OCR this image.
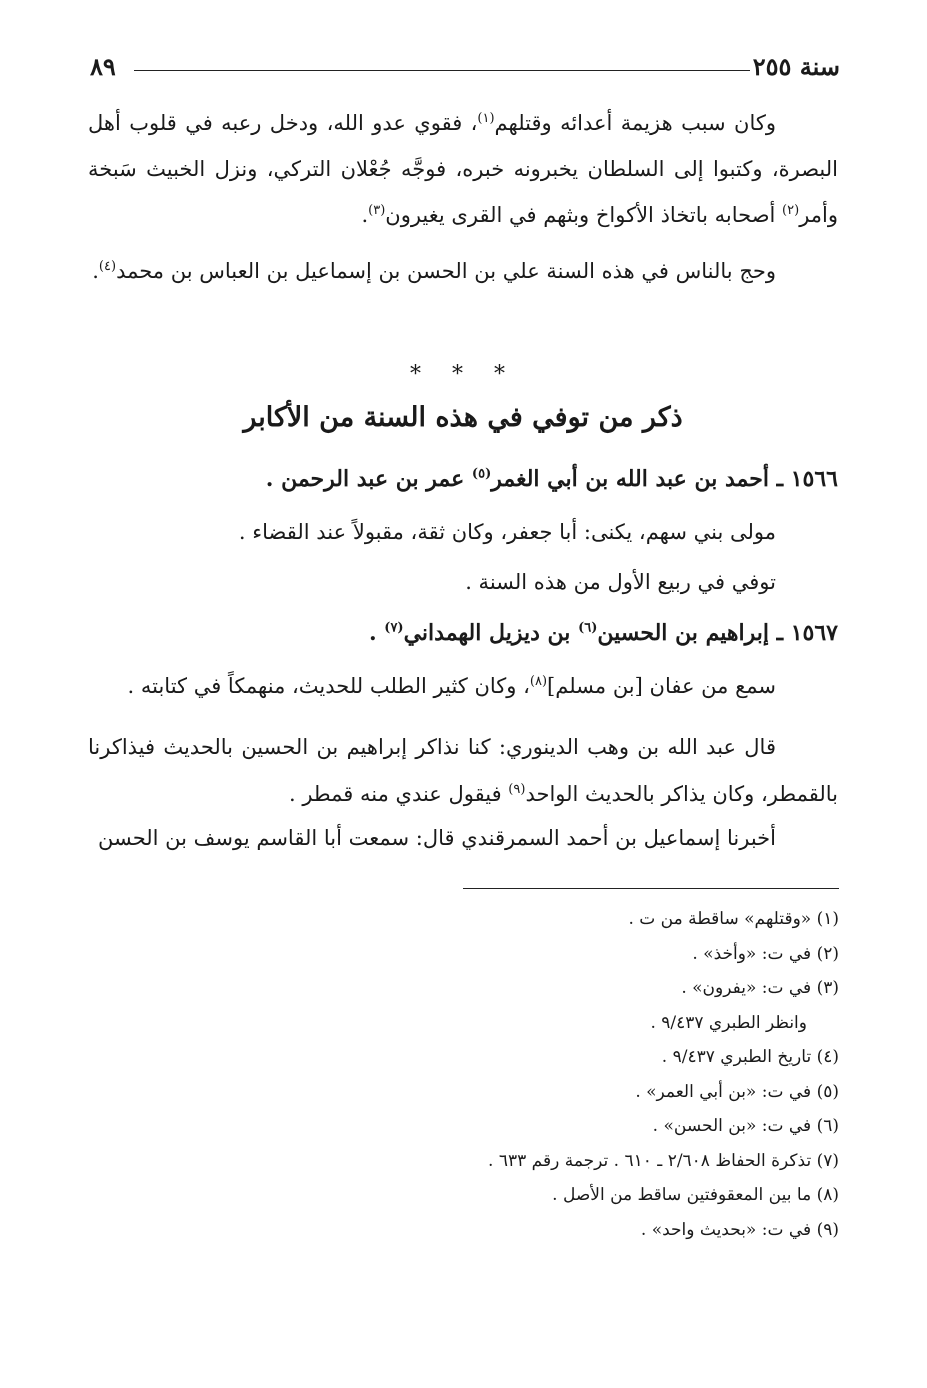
٨٩	سنة ٢٥٥

وكان سبب هزيمة أعدائه وقتلهم$^{(١)}$، فقوي عدو الله، ودخل رعبه في قلوب أهل البصرة، وكتبوا إلى السلطان يخبرونه خبره، فوجَّه جُعْلان التركي، ونزل الخبيث سَبخة وأمر$^{(٢)}$ أصحابه باتخاذ الأكواخ وبثهم في القرى يغيرون$^{(٣)}$.

وحج بالناس في هذه السنة علي بن الحسن بن إسماعيل بن العباس بن محمد$^{(٤)}$.

* * *
ذكر من توفي في هذه السنة من الأكابر
١٥٦٦ ـ أحمد بن عبد الله بن أبي الغمر$^{(٥)}$ عمر بن عبد الرحمن .
مولى بني سهم، يكنى: أبا جعفر، وكان ثقة، مقبولاً عند القضاء .
توفي في ربيع الأول من هذه السنة .
١٥٦٧ ـ إبراهيم بن الحسين$^{(٦)}$ بن ديزيل الهمداني$^{(٧)}$ .
سمع من عفان [بن مسلم]$^{(٨)}$، وكان كثير الطلب للحديث، منهمكاً في كتابته .
قال عبد الله بن وهب الدينوري: كنا نذاكر إبراهيم بن الحسين بالحديث فيذاكرنا بالقمطر، وكان يذاكر بالحديث الواحد$^{(٩)}$ فيقول عندي منه قمطر .
أخبرنا إسماعيل بن أحمد السمرقندي قال: سمعت أبا القاسم يوسف بن الحسن
(١) «وقتلهم» ساقطة من ت .
(٢) في ت: «وأخذ» .
(٣) في ت: «يفرون» .
وانظر الطبري ٩/٤٣٧ .
(٤) تاريخ الطبري ٩/٤٣٧ .
(٥) في ت: «بن أبي العمر» .
(٦) في ت: «بن الحسن» .
(٧) تذكرة الحفاظ ٢/٦٠٨ ـ ٦١٠ . ترجمة رقم ٦٣٣ .
(٨) ما بين المعقوفتين ساقط من الأصل .
(٩) في ت: «بحديث واحد» .
